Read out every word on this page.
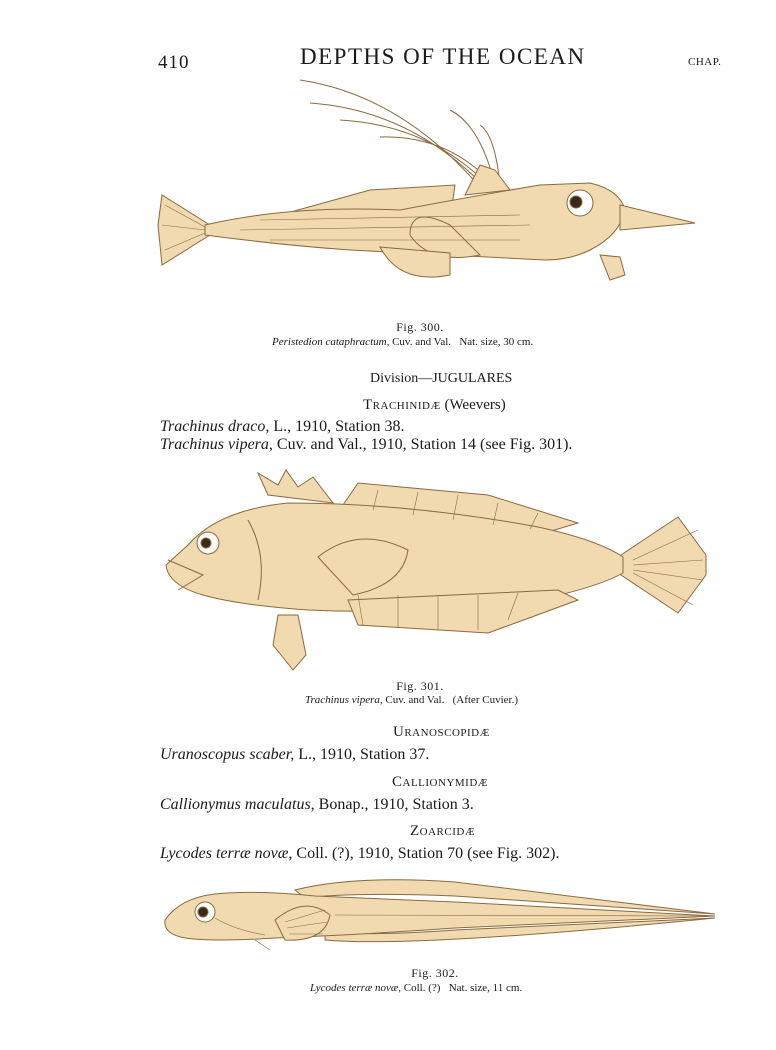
410	DEPTHS OF THE OCEAN	CHAP.
Fig. 300.
Peristedion cataphractum, Cuv. and Val. Nat. size, 30 cm.
Division—JUGULARES
Trachinidæ (Weevers)
Trachinus draco, L., 1910, Station 38.
Trachinus vipera, Cuv. and Val., 1910, Station 14 (see Fig. 301).
Fig. 301.
Trachinus vipera, Cuv. and Val. (After Cuvier.)
Uranoscopidæ
Uranoscopus scaber, L., 1910, Station 37.
Callionymidæ
Callionymus maculatus, Bonap., 1910, Station 3.
Zoarcidæ
Lycodes terræ novæ, Coll. (?), 1910, Station 70 (see Fig. 302).
Fig. 302.
Lycodes terræ novæ, Coll. (?) Nat. size, 11 cm.
